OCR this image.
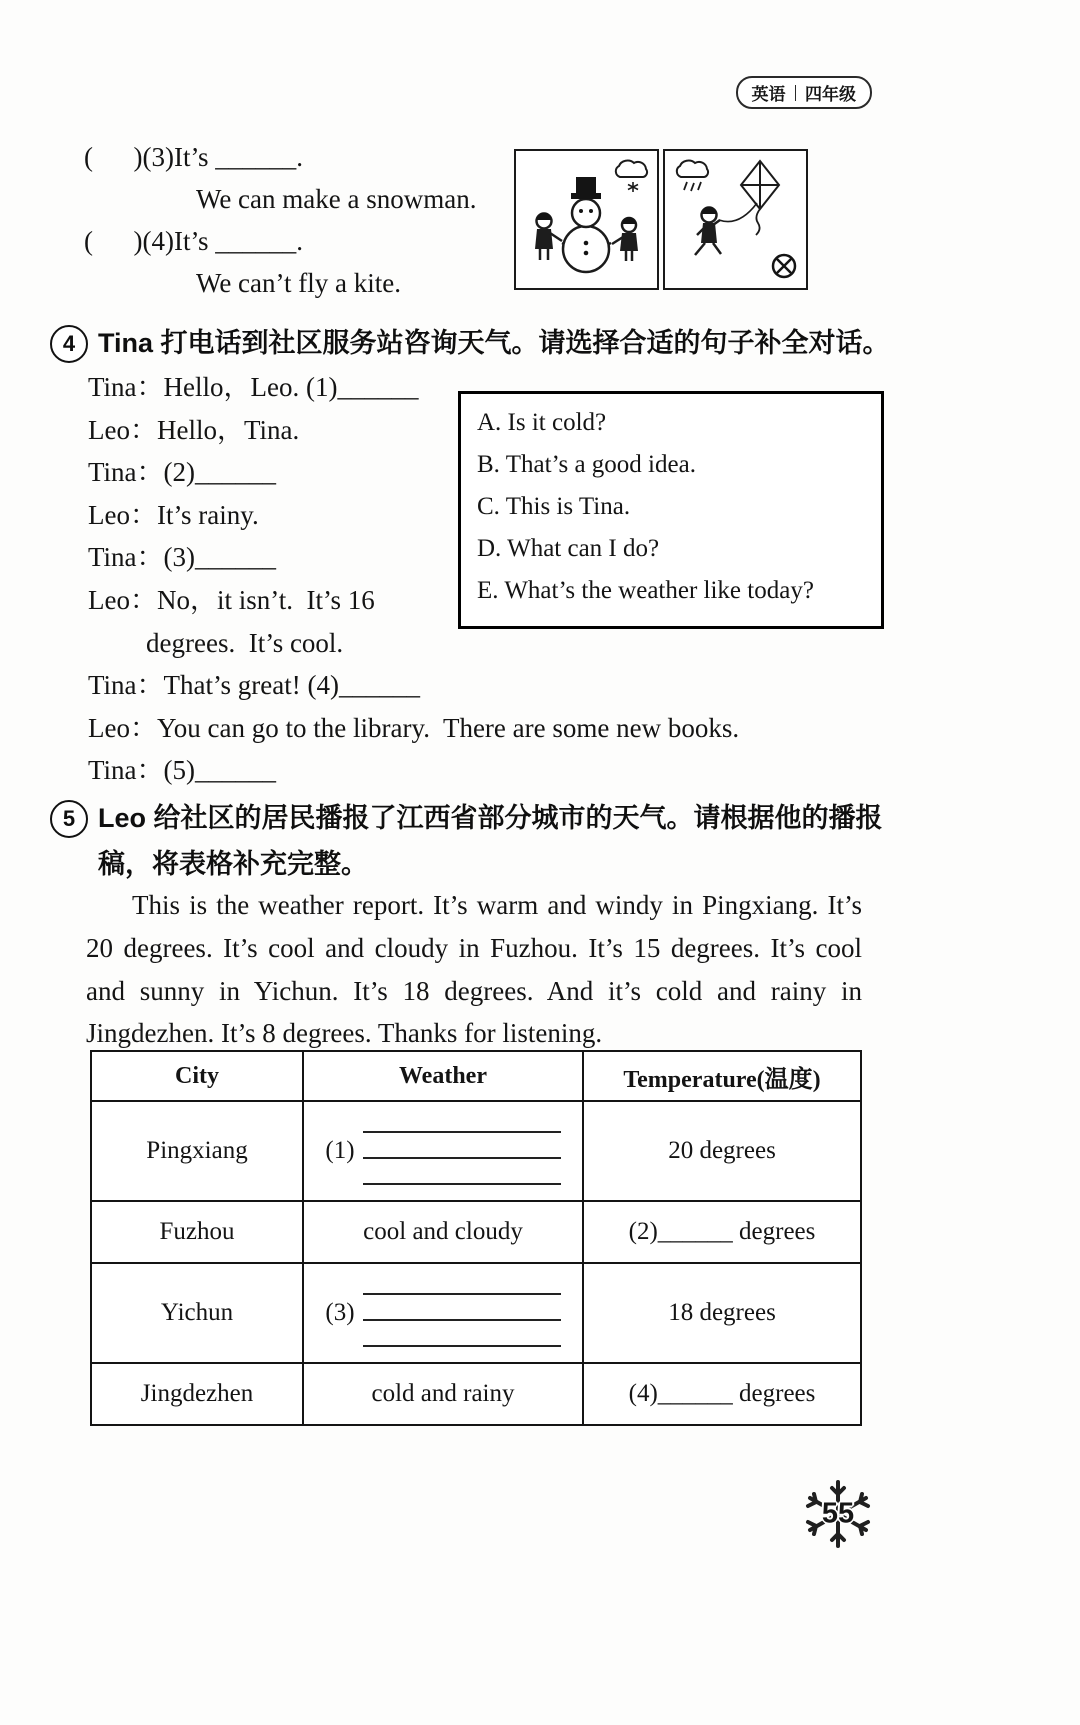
英语 四年级
(      )(3)It’s ______.
We can make a snowman.
(      )(4)It’s ______.
We can’t fly a kite.
4 Tina 打电话到社区服务站咨询天气。请选择合适的句子补全对话。
Tina：Hello，Leo. (1)______
Leo：Hello，Tina.
Tina：(2)______
Leo：It’s rainy.
Tina：(3)______
Leo：No，it isn’t.  It’s 16
degrees.  It’s cool.
Tina：That’s great! (4)______
Leo：You can go to the library.  There are some new books.
Tina：(5)______
A. Is it cold?
B. That’s a good idea.
C. This is Tina.
D. What can I do?
E. What’s the weather like today?
5 Leo 给社区的居民播报了江西省部分城市的天气。请根据他的播报稿，将表格补充完整。
This is the weather report. It’s warm and windy in Pingxiang. It’s 20 degrees. It’s cool and cloudy in Fuzhou. It’s 15 degrees. It’s cool and sunny in Yichun. It’s 18 degrees. And it’s cold and rainy in Jingdezhen. It’s 8 degrees. Thanks for listening.
City	Weather	Temperature(温度)
Pingxiang	(1)	20 degrees
Fuzhou	cool and cloudy	(2)______ degrees
Yichun	(3)	18 degrees
Jingdezhen	cold and rainy	(4)______ degrees
55
